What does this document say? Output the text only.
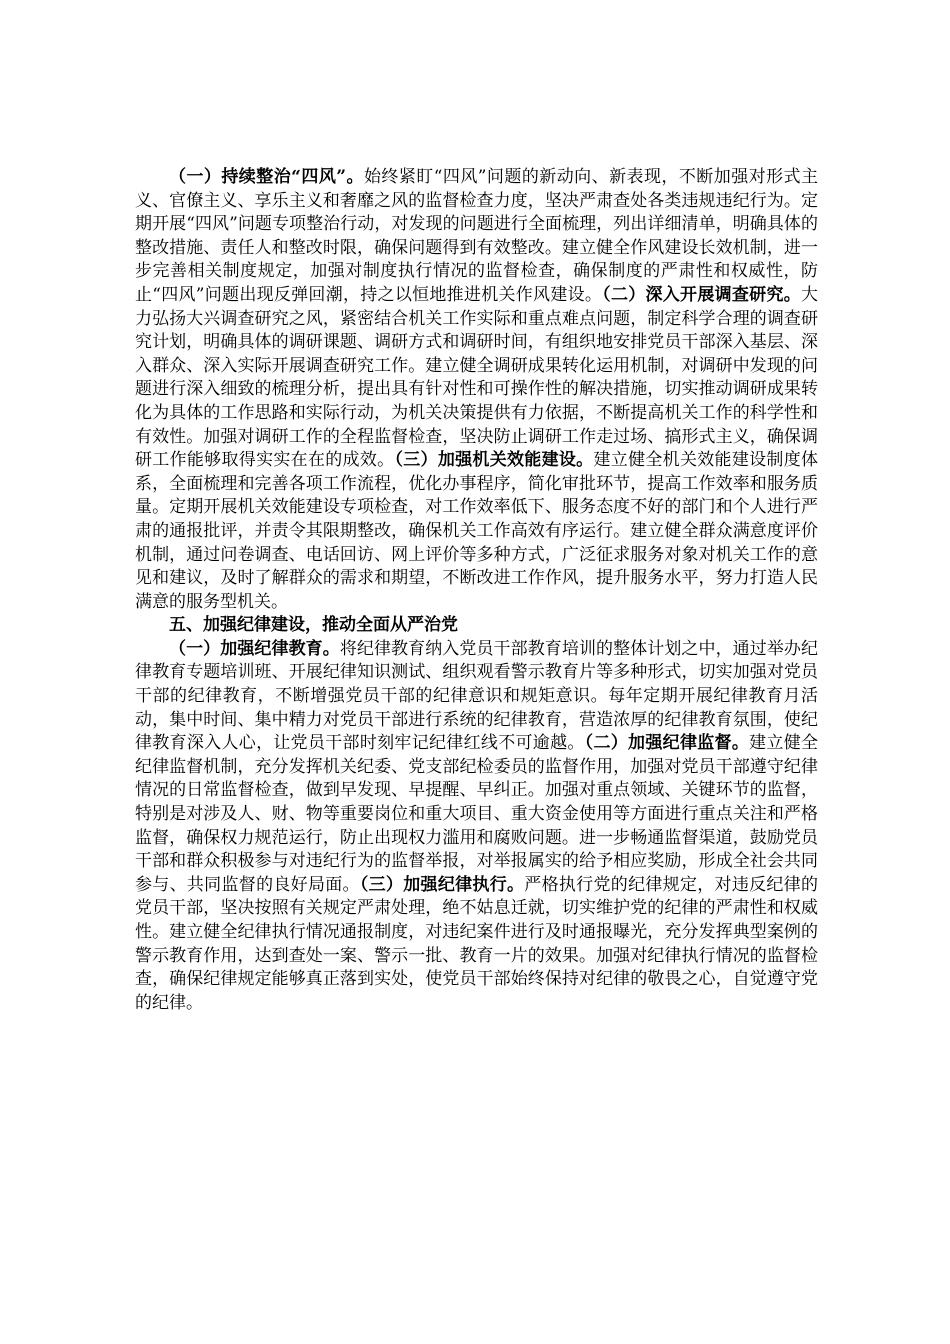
（一）持续整治“四风”。始终紧盯“四风”问题的新动向、新表现，不断加强对形式主义、官僚主义、享乐主义和奢靡之风的监督检查力度，坚决严肃查处各类违规违纪行为。定期开展“四风”问题专项整治行动，对发现的问题进行全面梳理，列出详细清单，明确具体的整改措施、责任人和整改时限，确保问题得到有效整改。建立健全作风建设长效机制，进一步完善相关制度规定，加强对制度执行情况的监督检查，确保制度的严肃性和权威性，防止“四风”问题出现反弹回潮，持之以恒地推进机关作风建设。（二）深入开展调查研究。大力弘扬大兴调查研究之风，紧密结合机关工作实际和重点难点问题，制定科学合理的调查研究计划，明确具体的调研课题、调研方式和调研时间，有组织地安排党员干部深入基层、深入群众、深入实际开展调查研究工作。建立健全调研成果转化运用机制，对调研中发现的问题进行深入细致的梳理分析，提出具有针对性和可操作性的解决措施，切实推动调研成果转化为具体的工作思路和实际行动，为机关决策提供有力依据，不断提高机关工作的科学性和有效性。加强对调研工作的全程监督检查，坚决防止调研工作走过场、搞形式主义，确保调研工作能够取得实实在在的成效。（三）加强机关效能建设。建立健全机关效能建设制度体系，全面梳理和完善各项工作流程，优化办事程序，简化审批环节，提高工作效率和服务质量。定期开展机关效能建设专项检查，对工作效率低下、服务态度不好的部门和个人进行严肃的通报批评，并责令其限期整改，确保机关工作高效有序运行。建立健全群众满意度评价机制，通过问卷调查、电话回访、网上评价等多种方式，广泛征求服务对象对机关工作的意见和建议，及时了解群众的需求和期望，不断改进工作作风，提升服务水平，努力打造人民满意的服务型机关。

五、加强纪律建设，推动全面从严治党

（一）加强纪律教育。将纪律教育纳入党员干部教育培训的整体计划之中，通过举办纪律教育专题培训班、开展纪律知识测试、组织观看警示教育片等多种形式，切实加强对党员干部的纪律教育，不断增强党员干部的纪律意识和规矩意识。每年定期开展纪律教育月活动，集中时间、集中精力对党员干部进行系统的纪律教育，营造浓厚的纪律教育氛围，使纪律教育深入人心，让党员干部时刻牢记纪律红线不可逾越。（二）加强纪律监督。建立健全纪律监督机制，充分发挥机关纪委、党支部纪检委员的监督作用，加强对党员干部遵守纪律情况的日常监督检查，做到早发现、早提醒、早纠正。加强对重点领域、关键环节的监督，特别是对涉及人、财、物等重要岗位和重大项目、重大资金使用等方面进行重点关注和严格监督，确保权力规范运行，防止出现权力滥用和腐败问题。进一步畅通监督渠道，鼓励党员干部和群众积极参与对违纪行为的监督举报，对举报属实的给予相应奖励，形成全社会共同参与、共同监督的良好局面。（三）加强纪律执行。严格执行党的纪律规定，对违反纪律的党员干部，坚决按照有关规定严肃处理，绝不姑息迁就，切实维护党的纪律的严肃性和权威性。建立健全纪律执行情况通报制度，对违纪案件进行及时通报曝光，充分发挥典型案例的警示教育作用，达到查处一案、警示一批、教育一片的效果。加强对纪律执行情况的监督检查，确保纪律规定能够真正落到实处，使党员干部始终保持对纪律的敬畏之心，自觉遵守党的纪律。
